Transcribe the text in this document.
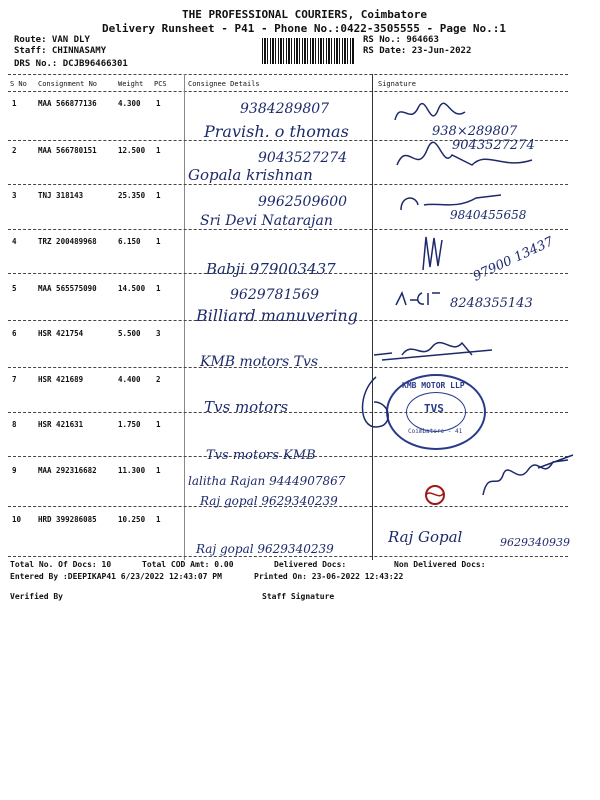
THE PROFESSIONAL COURIERS, Coimbatore
Delivery Runsheet - P41 - Phone No.:0422-3505555 - Page No.:1
Route: VAN DLY
Staff: CHINNASAMY
DRS No.: DCJB96466301
RS No.: 964663
RS Date: 23-Jun-2022
S No Consignment No	Weight PCS	Consignee Details	Signature
1	MAA 566877136	4.300 1	9384289807
Pravish. o thomas	938×289807
2	MAA 566780151	12.500 1	9043527274
Gopala krishnan
9043527274
3	TNJ 318143	25.350 1	9962509600
Sri Devi Natarajan	9840455658
4	TRZ 200489968	6.150 1
Babji 979003437	97900 13437
5	MAA 565575090	14.500 1	9629781569
Billiard manuvering
8248355143
6	HSR 421754	5.500 3
KMB motors Tvs
7	HSR 421689	4.400 2
Tvs motors
8	HSR 421631	1.750 1
Tvs motors KMB
KMB MOTOR LLP
TVS
Coimbatore - 41
9	MAA 292316682	11.300 1
lalitha Rajan 9444907867
Raj gopal 9629340239
10 HRD 399286085	10.250 1
Raj gopal 9629340239
Raj Gopal	9629340939
Total No. Of Docs: 10	Total COD Amt: 0.00	Delivered Docs:	Non Delivered Docs:
Entered By :DEEPIKAP41 6/23/2022 12:43:07 PM	Printed On: 23-06-2022 12:43:22
Verified By	Staff Signature
